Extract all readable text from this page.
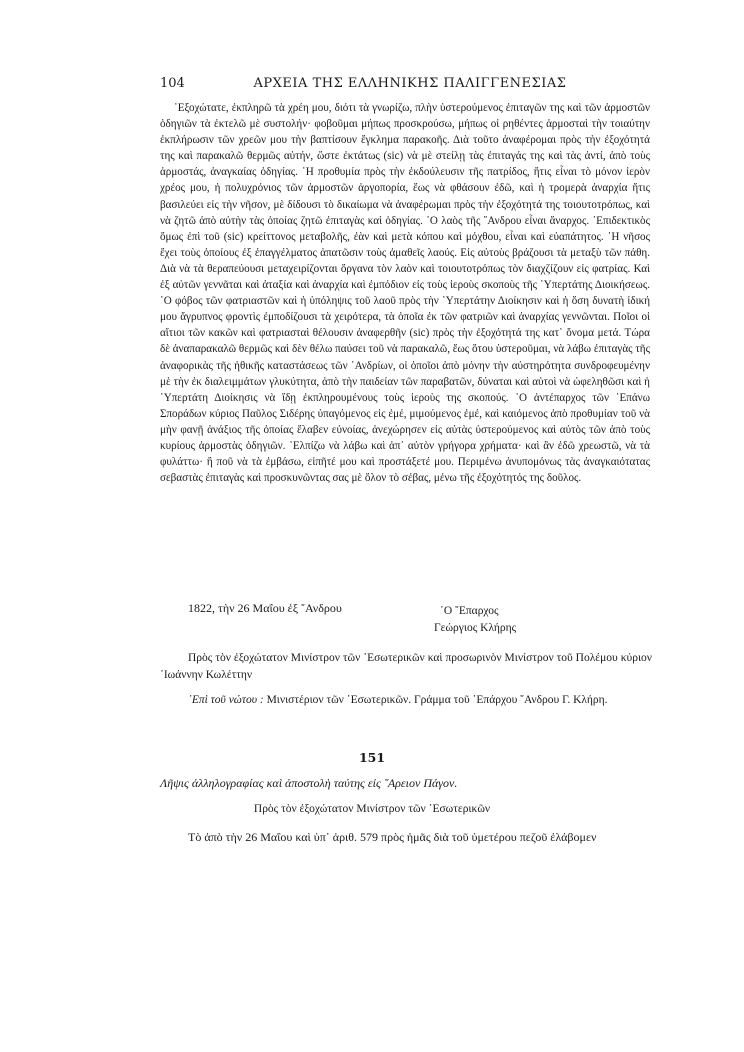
104	ΑΡΧΕΙΑ ΤΗΣ ΕΛΛΗΝΙΚΗΣ ΠΑΛΙΓΓΕΝΕΣΙΑΣ

᾿Εξοχώτατε, ἐκπληρῶ τὰ χρέη μου, διότι τὰ γνωρίζω, πλὴν ὑστερούμενος ἐπιταγῶν της καὶ τῶν ἁρμοστῶν ὁδηγιῶν τὰ ἐκτελῶ μὲ συστολήν· φοβοῦμαι μήπως προσκρούσω, μήπως οἱ ρηθέντες ἁρμοσταὶ τὴν τοιαύτην ἐκπλήρωσιν τῶν χρεῶν μου τὴν βαπτίσουν ἔγκλημα παρακοῆς. Διὰ τοῦτο ἀναφέρομαι πρὸς τὴν ἐξοχότητά της καὶ παρακαλῶ θερμῶς αὐτήν, ὥστε ἐκτάτως (sic) νὰ μὲ στείλῃ τὰς ἐπιταγάς της καὶ τὰς ἀντί, ἀπὸ τοὺς ἁρμοστάς, ἀναγκαίας ὁδηγίας. ῾Η προθυμία πρὸς τὴν ἐκδούλευσιν τῆς πατρίδος, ἥτις εἶναι τὸ μόνον ἱερὸν χρέος μου, ἡ πολυχρόνιος τῶν ἁρμοστῶν ἀργοπορία, ἕως νὰ φθάσουν ἐδῶ, καὶ ἡ τρομερὰ ἀναρχία ἥτις βασιλεύει εἰς τὴν νῆσον, μὲ δίδουσι τὸ δικαίωμα νὰ ἀναφέρωμαι πρὸς τὴν ἐξοχότητά της τοιουτοτρόπως, καὶ νὰ ζητῶ ἀπὸ αὐτὴν τὰς ὁποίας ζητῶ ἐπιταγὰς καὶ ὁδηγίας. ῾Ο λαὸς τῆς ῎Ανδρου εἶναι ἄναρχος. ᾿Επιδεκτικὸς ὅμως ἐπὶ τοῦ (sic) κρείττονος μεταβολῆς, ἐὰν καὶ μετὰ κόπου καὶ μόχθου, εἶναι καὶ εὐαπάτητος. ῾Η νῆσος ἔχει τοὺς ὁποίους ἐξ ἐπαγγέλματος ἀπατῶσιν τοὺς ἀμαθεῖς λαούς. Εἰς αὐτοὺς βράζουσι τὰ μεταξὺ τῶν πάθη. Διὰ νὰ τὰ θεραπεύουσι μεταχειρίζονται ὄργανα τὸν λαὸν καὶ τοιουτοτρόπως τὸν διαχζίζουν εἰς φατρίας. Καὶ ἐξ αὐτῶν γεννᾶται καὶ ἀταξία καὶ ἀναρχία καὶ ἐμπόδιον εἰς τοὺς ἱεροὺς σκοποὺς τῆς ῾Υπερτάτης Διοικήσεως. ῾Ο φόβος τῶν φατριαστῶν καὶ ἡ ὑπόληψις τοῦ λαοῦ πρὸς τὴν ῾Υπερτάτην Διοίκησιν καὶ ἡ ὅση δυνατὴ ἰδική μου ἄγρυπνος φροντὶς ἐμποδίζουσι τὰ χειρότερα, τὰ ὁποῖα ἐκ τῶν φατριῶν καὶ ἀναρχίας γεννῶνται. Ποῖοι οἱ αἴτιοι τῶν κακῶν καὶ φατριασταὶ θέλουσιν ἀναφερθῆν (sic) πρὸς τὴν ἐξοχότητά της κατ᾿ ὄνομα μετά. Τώρα δὲ ἀναπαρακαλῶ θερμῶς καὶ δὲν θέλω παύσει τοῦ νὰ παρακαλῶ, ἕως ὅτου ὑστεροῦμαι, νὰ λάβω ἐπιταγὰς τῆς ἀναφορικὰς τῆς ἠθικῆς καταστάσεως τῶν ᾿Ανδρίων, οἱ ὁποῖοι ἀπὸ μόνην τὴν αὐστηρότητα συνδροφευμένην μὲ τὴν ἐκ διαλειμμάτων γλυκύτητα, ἀπὸ τὴν παιδείαν τῶν παραβατῶν, δύναται καὶ αὐτοὶ νὰ ὠφεληθῶσι καὶ ἡ ῾Υπερτάτη Διοίκησις νὰ ἴδῃ ἐκπληρουμένους τοὺς ἱεροὺς της σκοπούς. ῾Ο ἀντέπαρχος τῶν ᾿Επάνω Σποράδων κύριος Παῦλος Σιδέρης ὑπαγόμενος εἰς ἐμέ, μιμούμενος ἐμέ, καὶ καιόμενος ἀπὸ προθυμίαν τοῦ νὰ μὴν φανῇ ἀνάξιος τῆς ὁποίας ἔλαβεν εὐνοίας, ἀνεχώρησεν εἰς αὐτὰς ὑστερούμενος καὶ αὐτὸς τῶν ἀπὸ τοὺς κυρίους ἁρμοστὰς ὁδηγιῶν. ᾿Ελπίζω νὰ λάβω καὶ ἀπ᾿ αὐτὸν γρήγορα χρήματα· καὶ ἂν ἐδῶ χρεωστῶ, νὰ τὰ φυλάττω· ἢ ποῦ νὰ τὰ ἐμβάσω, εἰπῆτέ μου καὶ προστάξετέ μου. Περιμένω ἀνυπομόνως τὰς ἀναγκαιότατας σεβαστὰς ἐπιταγὰς καὶ προσκυνῶντας σας μὲ ὅλον τὸ σέβας, μένω τῆς ἐξοχότητός της δοῦλος.

1822, τὴν 26 Μαΐου ἐξ ῎Ανδρου	῾Ο ῎Επαρχος
Γεώργιος Κλήρης

Πρὸς τὸν ἐξοχώτατον Μινίστρον τῶν ᾿Εσωτερικῶν καὶ προσωρινὸν Μινίστρον τοῦ Πολέμου κύριον ᾿Ιωάννην Κωλέττην

᾿Επὶ τοῦ νώτου : Μινιστέριον τῶν ᾿Εσωτερικῶν. Γράμμα τοῦ ᾿Επάρχου ῎Ανδρου Γ. Κλήρη.

151
Λῆψις ἀλληλογραφίας καὶ ἀποστολὴ ταύτης εἰς ῎Αρειον Πάγον.
Πρὸς τὸν ἐξοχώτατον Μινίστρον τῶν ᾿Εσωτερικῶν
Τὸ ἀπὸ τὴν 26 Μαΐου καὶ ὑπ᾿ ἀριθ. 579 πρὸς ἡμᾶς διὰ τοῦ ὑμετέρου πεζοῦ ἐλάβομεν
